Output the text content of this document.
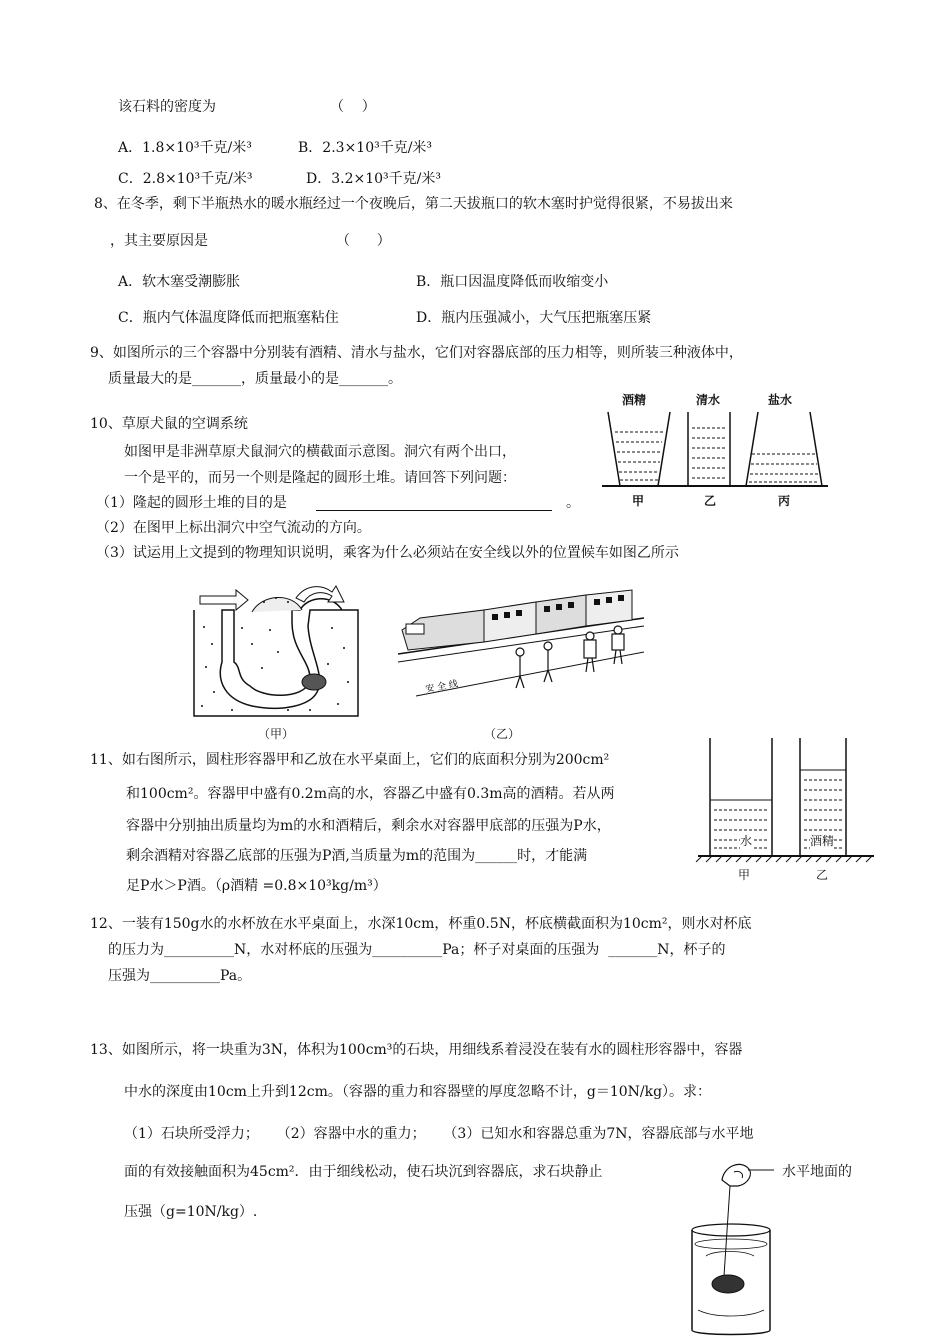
该石料的密度为	（    ）
A．1.8×10³千克/米³	B．2.3×10³千克/米³
C．2.8×10³千克/米³	D．3.2×10³千克/米³
8、在冬季，剩下半瓶热水的暖水瓶经过一个夜晚后，第二天拔瓶口的软木塞时护觉得很紧，不易拔出来
，其主要原因是	（      ）
A．软木塞受潮膨胀	B．瓶口因温度降低而收缩变小
C．瓶内气体温度降低而把瓶塞粘住	D．瓶内压强减小，大气压把瓶塞压紧
9、如图所示的三个容器中分别装有酒精、清水与盐水，它们对容器底部的压力相等，则所装三种液体中，
质量最大的是_______，质量最小的是_______。
酒精	清水	盐水
甲	乙	丙
10、草原犬鼠的空调系统
如图甲是非洲草原犬鼠洞穴的横截面示意图。洞穴有两个出口，
一个是平的，而另一个则是隆起的圆形土堆。请回答下列问题：
（1）隆起的圆形土堆的目的是	。
（2）在图甲上标出洞穴中空气流动的方向。
（3）试运用上文提到的物理知识说明，乘客为什么必须站在安全线以外的位置候车如图乙所示
（甲）
安 全 线
（乙）
11、如右图所示，圆柱形容器甲和乙放在水平桌面上，它们的底面积分别为200cm²
和100cm²。容器甲中盛有0.2m高的水，容器乙中盛有0.3m高的酒精。若从两
容器中分别抽出质量均为m的水和酒精后，剩余水对容器甲底部的压强为P水，
剩余酒精对容器乙底部的压强为P酒,当质量为m的范围为______时，才能满
足P水＞P酒。（ρ酒精 =0.8×10³kg/m³）
水	酒精
甲	乙
12、一装有150g水的水杯放在水平桌面上，水深10cm，杯重0.5N，杯底横截面积为10cm²，则水对杯底
的压力为__________N，水对杯底的压强为__________Pa；杯子对桌面的压强为  _______N，杯子的
压强为__________Pa。
13、如图所示，将一块重为3N，体积为100cm³的石块，用细线系着浸没在装有水的圆柱形容器中，容器
中水的深度由10cm上升到12cm。（容器的重力和容器壁的厚度忽略不计，g＝10N/kg）。求：
（1）石块所受浮力；    （2）容器中水的重力；    （3）已知水和容器总重为7N，容器底部与水平地
面的有效接触面积为45cm²．由于细线松动，使石块沉到容器底，求石块静止	水平地面的
压强（g=10N/kg）.
